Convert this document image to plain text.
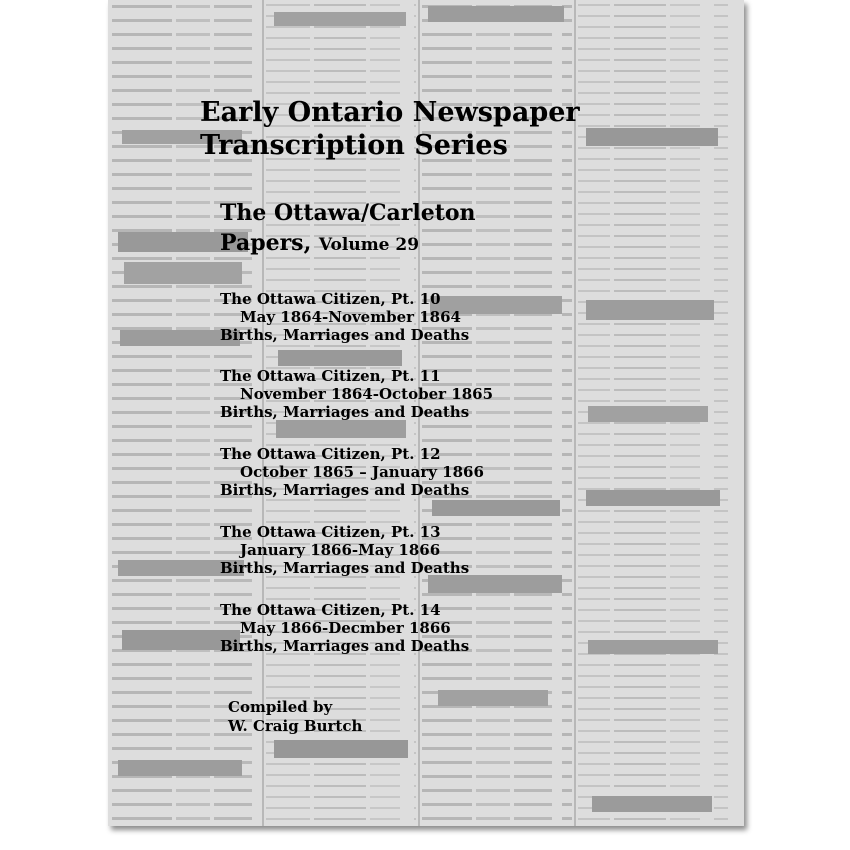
Early Ontario Newspaper
Transcription Series
The Ottawa/Carleton
Papers, Volume 29
The Ottawa Citizen, Pt. 10
May 1864-November 1864
Births, Marriages and Deaths
The Ottawa Citizen, Pt. 11
November 1864-October 1865
Births, Marriages and Deaths
The Ottawa Citizen, Pt. 12
October 1865 – January 1866
Births, Marriages and Deaths
The Ottawa Citizen, Pt. 13
January 1866-May 1866
Births, Marriages and Deaths
The Ottawa Citizen, Pt. 14
May 1866-Decmber 1866
Births, Marriages and Deaths
Compiled by
W. Craig Burtch
